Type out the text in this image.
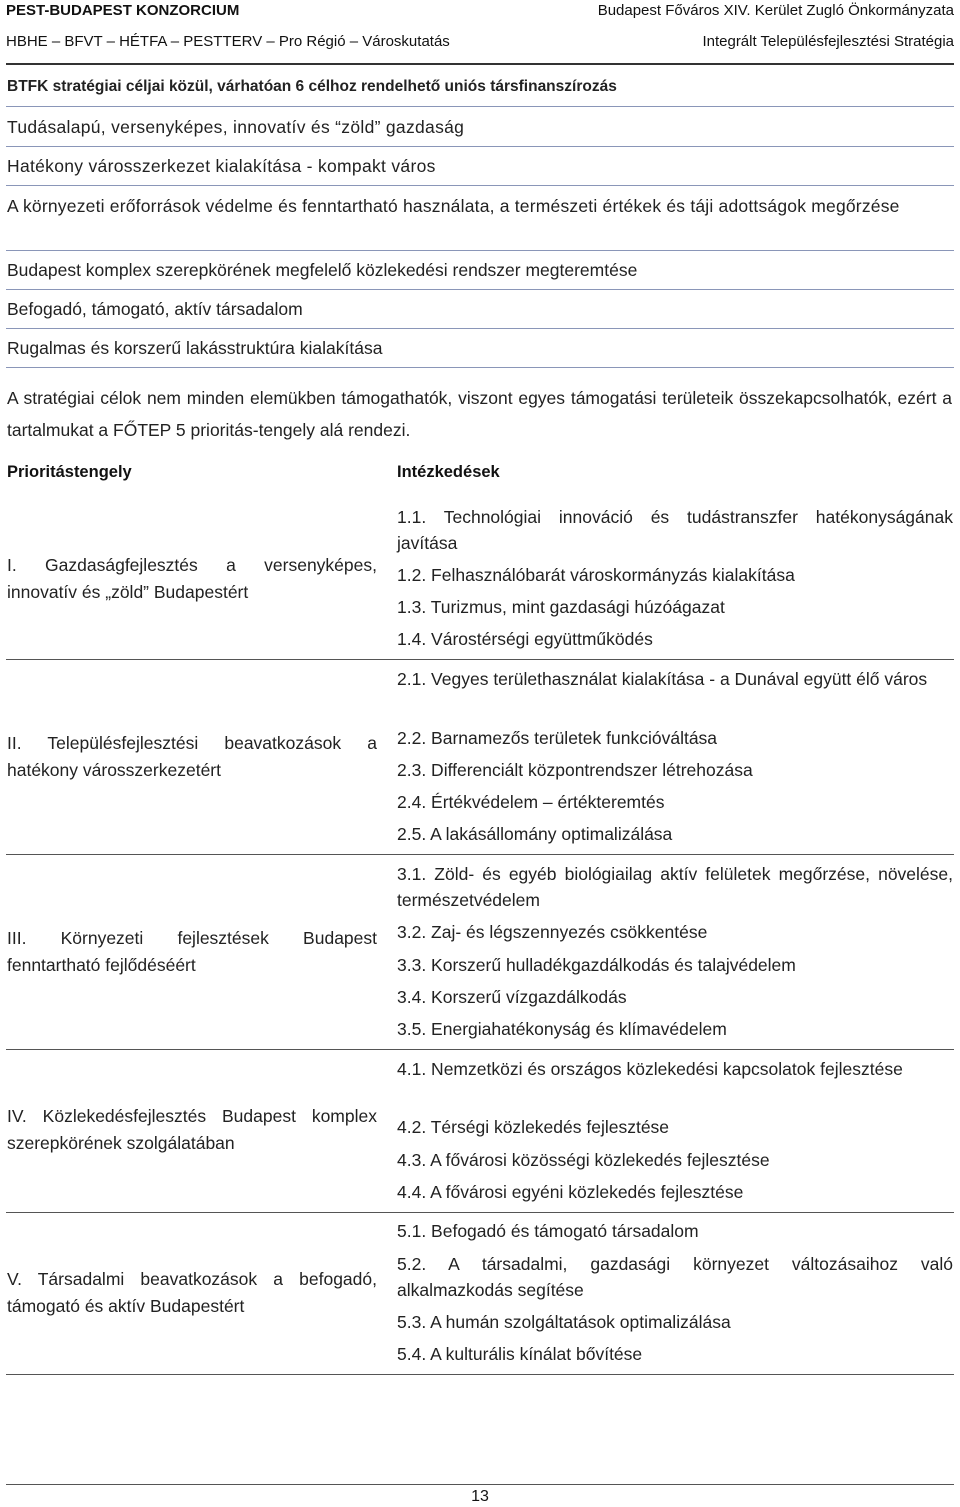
PEST-BUDAPEST KONZORCIUM	Budapest Főváros XIV. Kerület Zugló Önkormányzata
HBHE – BFVT – HÉTFA – PESTTERV – Pro Régió – Városkutatás	Integrált Településfejlesztési Stratégia
BTFK stratégiai céljai közül, várhatóan 6 célhoz rendelhető uniós társfinanszírozás
Tudásalapú, versenyképes, innovatív és “zöld” gazdaság
Hatékony városszerkezet kialakítása - kompakt város
A környezeti erőforrások védelme és fenntartható használata, a természeti értékek és táji adottságok megőrzése
Budapest komplex szerepkörének megfelelő közlekedési rendszer megteremtése
Befogadó, támogató, aktív társadalom
Rugalmas és korszerű lakásstruktúra kialakítása
A stratégiai célok nem minden elemükben támogathatók, viszont egyes támogatási területeik összekapcsolhatók, ezért a tartalmukat a FŐTEP 5 prioritás-tengely alá rendezi.
Prioritástengely	Intézkedések
I. Gazdaságfejlesztés a versenyképes, innovatív és „zöld” Budapestért
1.1. Technológiai innováció és tudástranszfer hatékonyságának javítása
1.2. Felhasználóbarát városkormányzás kialakítása
1.3. Turizmus, mint gazdasági húzóágazat
1.4. Várostérségi együttműködés
II. Településfejlesztési beavatkozások a hatékony városszerkezetért
2.1. Vegyes területhasználat kialakítása - a Dunával együtt élő város
2.2. Barnamezős területek funkcióváltása
2.3. Differenciált központrendszer létrehozása
2.4. Értékvédelem – értékteremtés
2.5. A lakásállomány optimalizálása
III. Környezeti fejlesztések Budapest fenntartható fejlődéséért
3.1. Zöld- és egyéb biológiailag aktív felületek megőrzése, növelése, természetvédelem
3.2. Zaj- és légszennyezés csökkentése
3.3. Korszerű hulladékgazdálkodás és talajvédelem
3.4. Korszerű vízgazdálkodás
3.5. Energiahatékonyság és klímavédelem
IV. Közlekedésfejlesztés Budapest komplex szerepkörének szolgálatában
4.1. Nemzetközi és országos közlekedési kapcsolatok fejlesztése
4.2. Térségi közlekedés fejlesztése
4.3. A fővárosi közösségi közlekedés fejlesztése
4.4. A fővárosi egyéni közlekedés fejlesztése
V. Társadalmi beavatkozások a befogadó, támogató és aktív Budapestért
5.1. Befogadó és támogató társadalom
5.2. A társadalmi, gazdasági környezet változásaihoz való alkalmazkodás segítése
5.3. A humán szolgáltatások optimalizálása
5.4. A kulturális kínálat bővítése
13
